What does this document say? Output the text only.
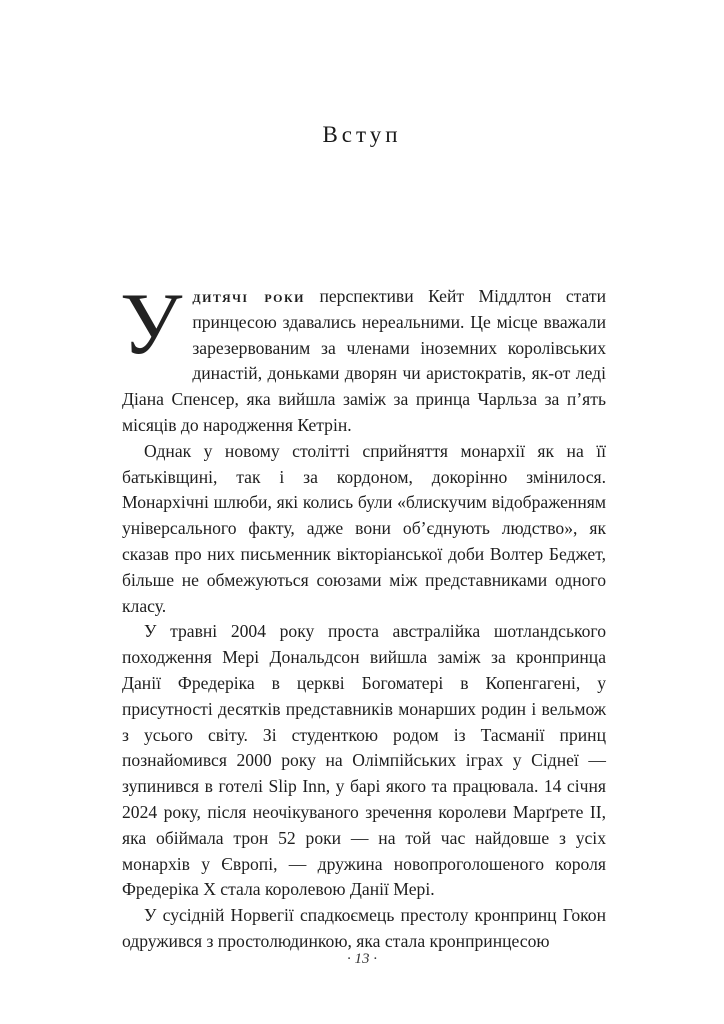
Вступ

Удитячі роки перспективи Кейт Міддлтон стати принцесою здавались нереальними. Це місце вважали зарезервованим за членами іноземних королівських династій, доньками дворян чи аристократів, як-от леді Діана Спенсер, яка вийшла заміж за принца Чарльза за п’ять місяців до народження Кетрін.

Однак у новому столітті сприйняття монархії як на її батьківщині, так і за кордоном, докорінно змінилося. Монархічні шлюби, які колись були «блискучим відображенням універсального факту, адже вони об’єднують людство», як сказав про них письменник вікторіанської доби Волтер Беджет, більше не обмежуються союзами між представниками одного класу.

У травні 2004 року проста австралійка шотландського походження Мері Дональдсон вийшла заміж за кронпринца Данії Фредеріка в церкві Богоматері в Копенгагені, у присутності десятків представників монарших родин і вельмож з усього світу. Зі студенткою родом із Тасманії принц познайомився 2000 року на Олімпійських іграх у Сіднеї — зупинився в готелі Slip Inn, у барі якого та працювала. 14 січня 2024 року, після неочікуваного зречення королеви Марґрете ІІ, яка обіймала трон 52 роки — на той час найдовше з усіх монархів у Європі, — дружина новопроголошеного короля Фредеріка Х стала королевою Данії Мері.

У сусідній Норвегії спадкоємець престолу кронпринц Гокон одружився з простолюдинкою, яка стала кронпринцесою

· 13 ·
